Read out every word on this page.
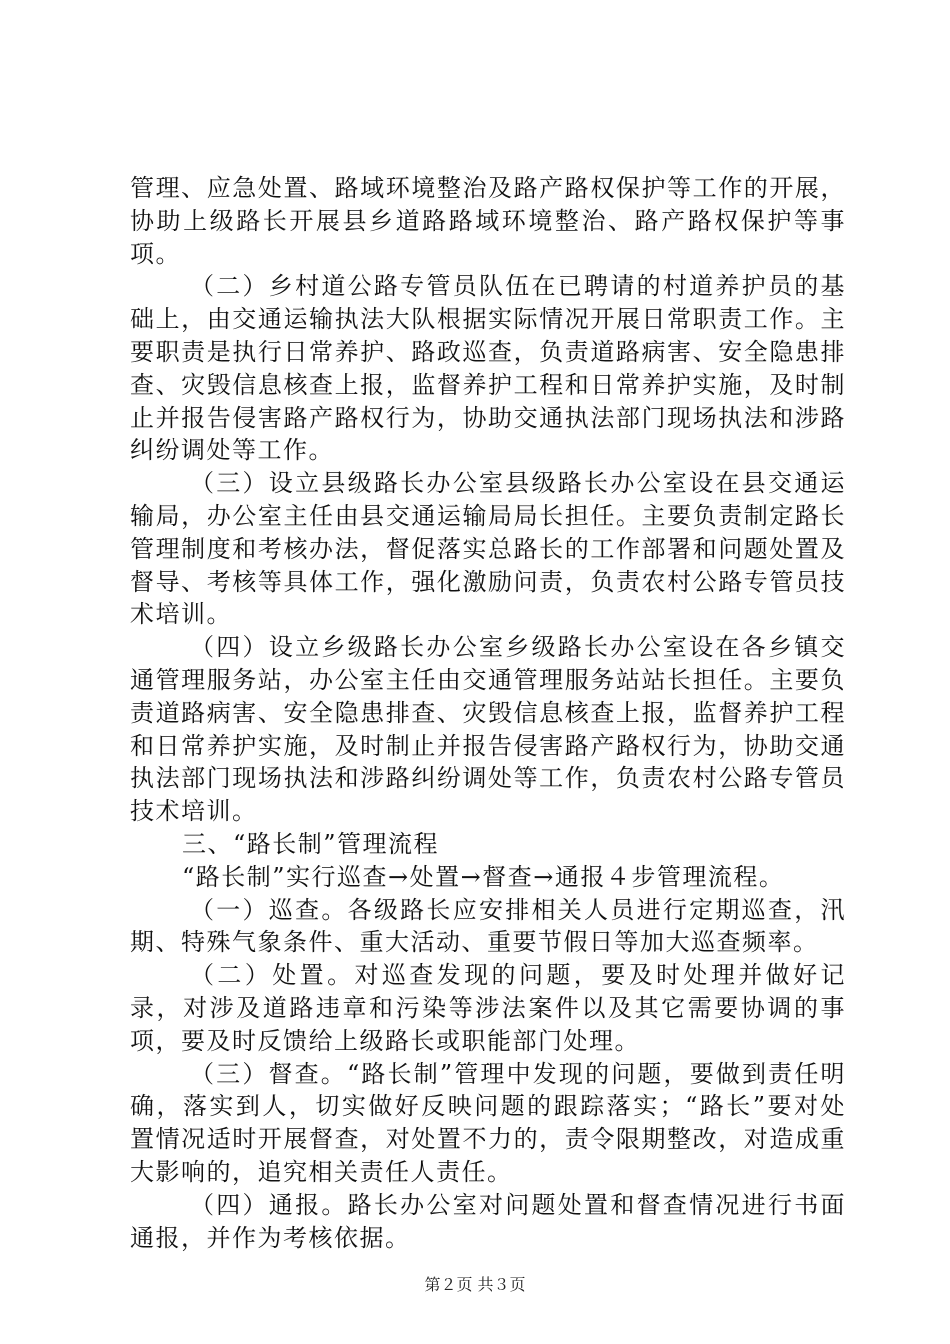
管理、应急处置、路域环境整治及路产路权保护等工作的开展，协助上级路长开展县乡道路路域环境整治、路产路权保护等事项。

（二）乡村道公路专管员队伍在已聘请的村道养护员的基础上，由交通运输执法大队根据实际情况开展日常职责工作。主要职责是执行日常养护、路政巡查，负责道路病害、安全隐患排查、灾毁信息核查上报，监督养护工程和日常养护实施，及时制止并报告侵害路产路权行为，协助交通执法部门现场执法和涉路纠纷调处等工作。

（三）设立县级路长办公室县级路长办公室设在县交通运输局，办公室主任由县交通运输局局长担任。主要负责制定路长管理制度和考核办法，督促落实总路长的工作部署和问题处置及督导、考核等具体工作，强化激励问责，负责农村公路专管员技术培训。

（四）设立乡级路长办公室乡级路长办公室设在各乡镇交通管理服务站，办公室主任由交通管理服务站站长担任。主要负责道路病害、安全隐患排查、灾毁信息核查上报，监督养护工程和日常养护实施，及时制止并报告侵害路产路权行为，协助交通执法部门现场执法和涉路纠纷调处等工作，负责农村公路专管员技术培训。

三、“路长制”管理流程

“路长制”实行巡查→处置→督查→通报４步管理流程。

（一）巡查。各级路长应安排相关人员进行定期巡查，汛期、特殊气象条件、重大活动、重要节假日等加大巡查频率。

（二）处置。对巡查发现的问题，要及时处理并做好记录，对涉及道路违章和污染等涉法案件以及其它需要协调的事项，要及时反馈给上级路长或职能部门处理。

（三）督查。“路长制”管理中发现的问题，要做到责任明确，落实到人，切实做好反映问题的跟踪落实；“路长”要对处置情况适时开展督查，对处置不力的，责令限期整改，对造成重大影响的，追究相关责任人责任。

（四）通报。路长办公室对问题处置和督查情况进行书面通报，并作为考核依据。

第２页 共３页
